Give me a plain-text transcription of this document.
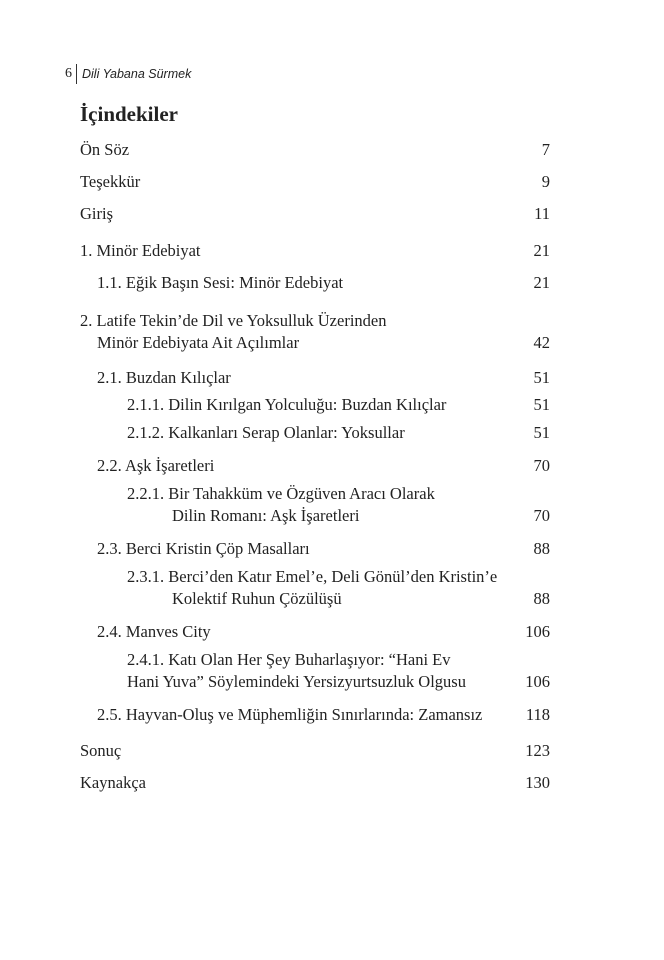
6 Dili Yabana Sürmek
İçindekiler
Ön Söz	7
Teşekkür	9
Giriş	11
1. Minör Edebiyat	21
1.1. Eğik Başın Sesi: Minör Edebiyat	21
2. Latife Tekin’de Dil ve Yoksulluk Üzerinden
Minör Edebiyata Ait Açılımlar	42
2.1. Buzdan Kılıçlar	51
2.1.1. Dilin Kırılgan Yolculuğu: Buzdan Kılıçlar	51
2.1.2. Kalkanları Serap Olanlar: Yoksullar	51
2.2. Aşk İşaretleri	70
2.2.1. Bir Tahakküm ve Özgüven Aracı Olarak
Dilin Romanı: Aşk İşaretleri	70
2.3. Berci Kristin Çöp Masalları	88
2.3.1. Berci’den Katır Emel’e, Deli Gönül’den Kristin’e
Kolektif Ruhun Çözülüşü	88
2.4. Manves City	106
2.4.1. Katı Olan Her Şey Buharlaşıyor: “Hani Ev
Hani Yuva” Söylemindeki Yersizyurtsuzluk Olgusu	106
2.5. Hayvan-Oluş ve Müphemliğin Sınırlarında: Zamansız	118
Sonuç	123
Kaynakça	130
